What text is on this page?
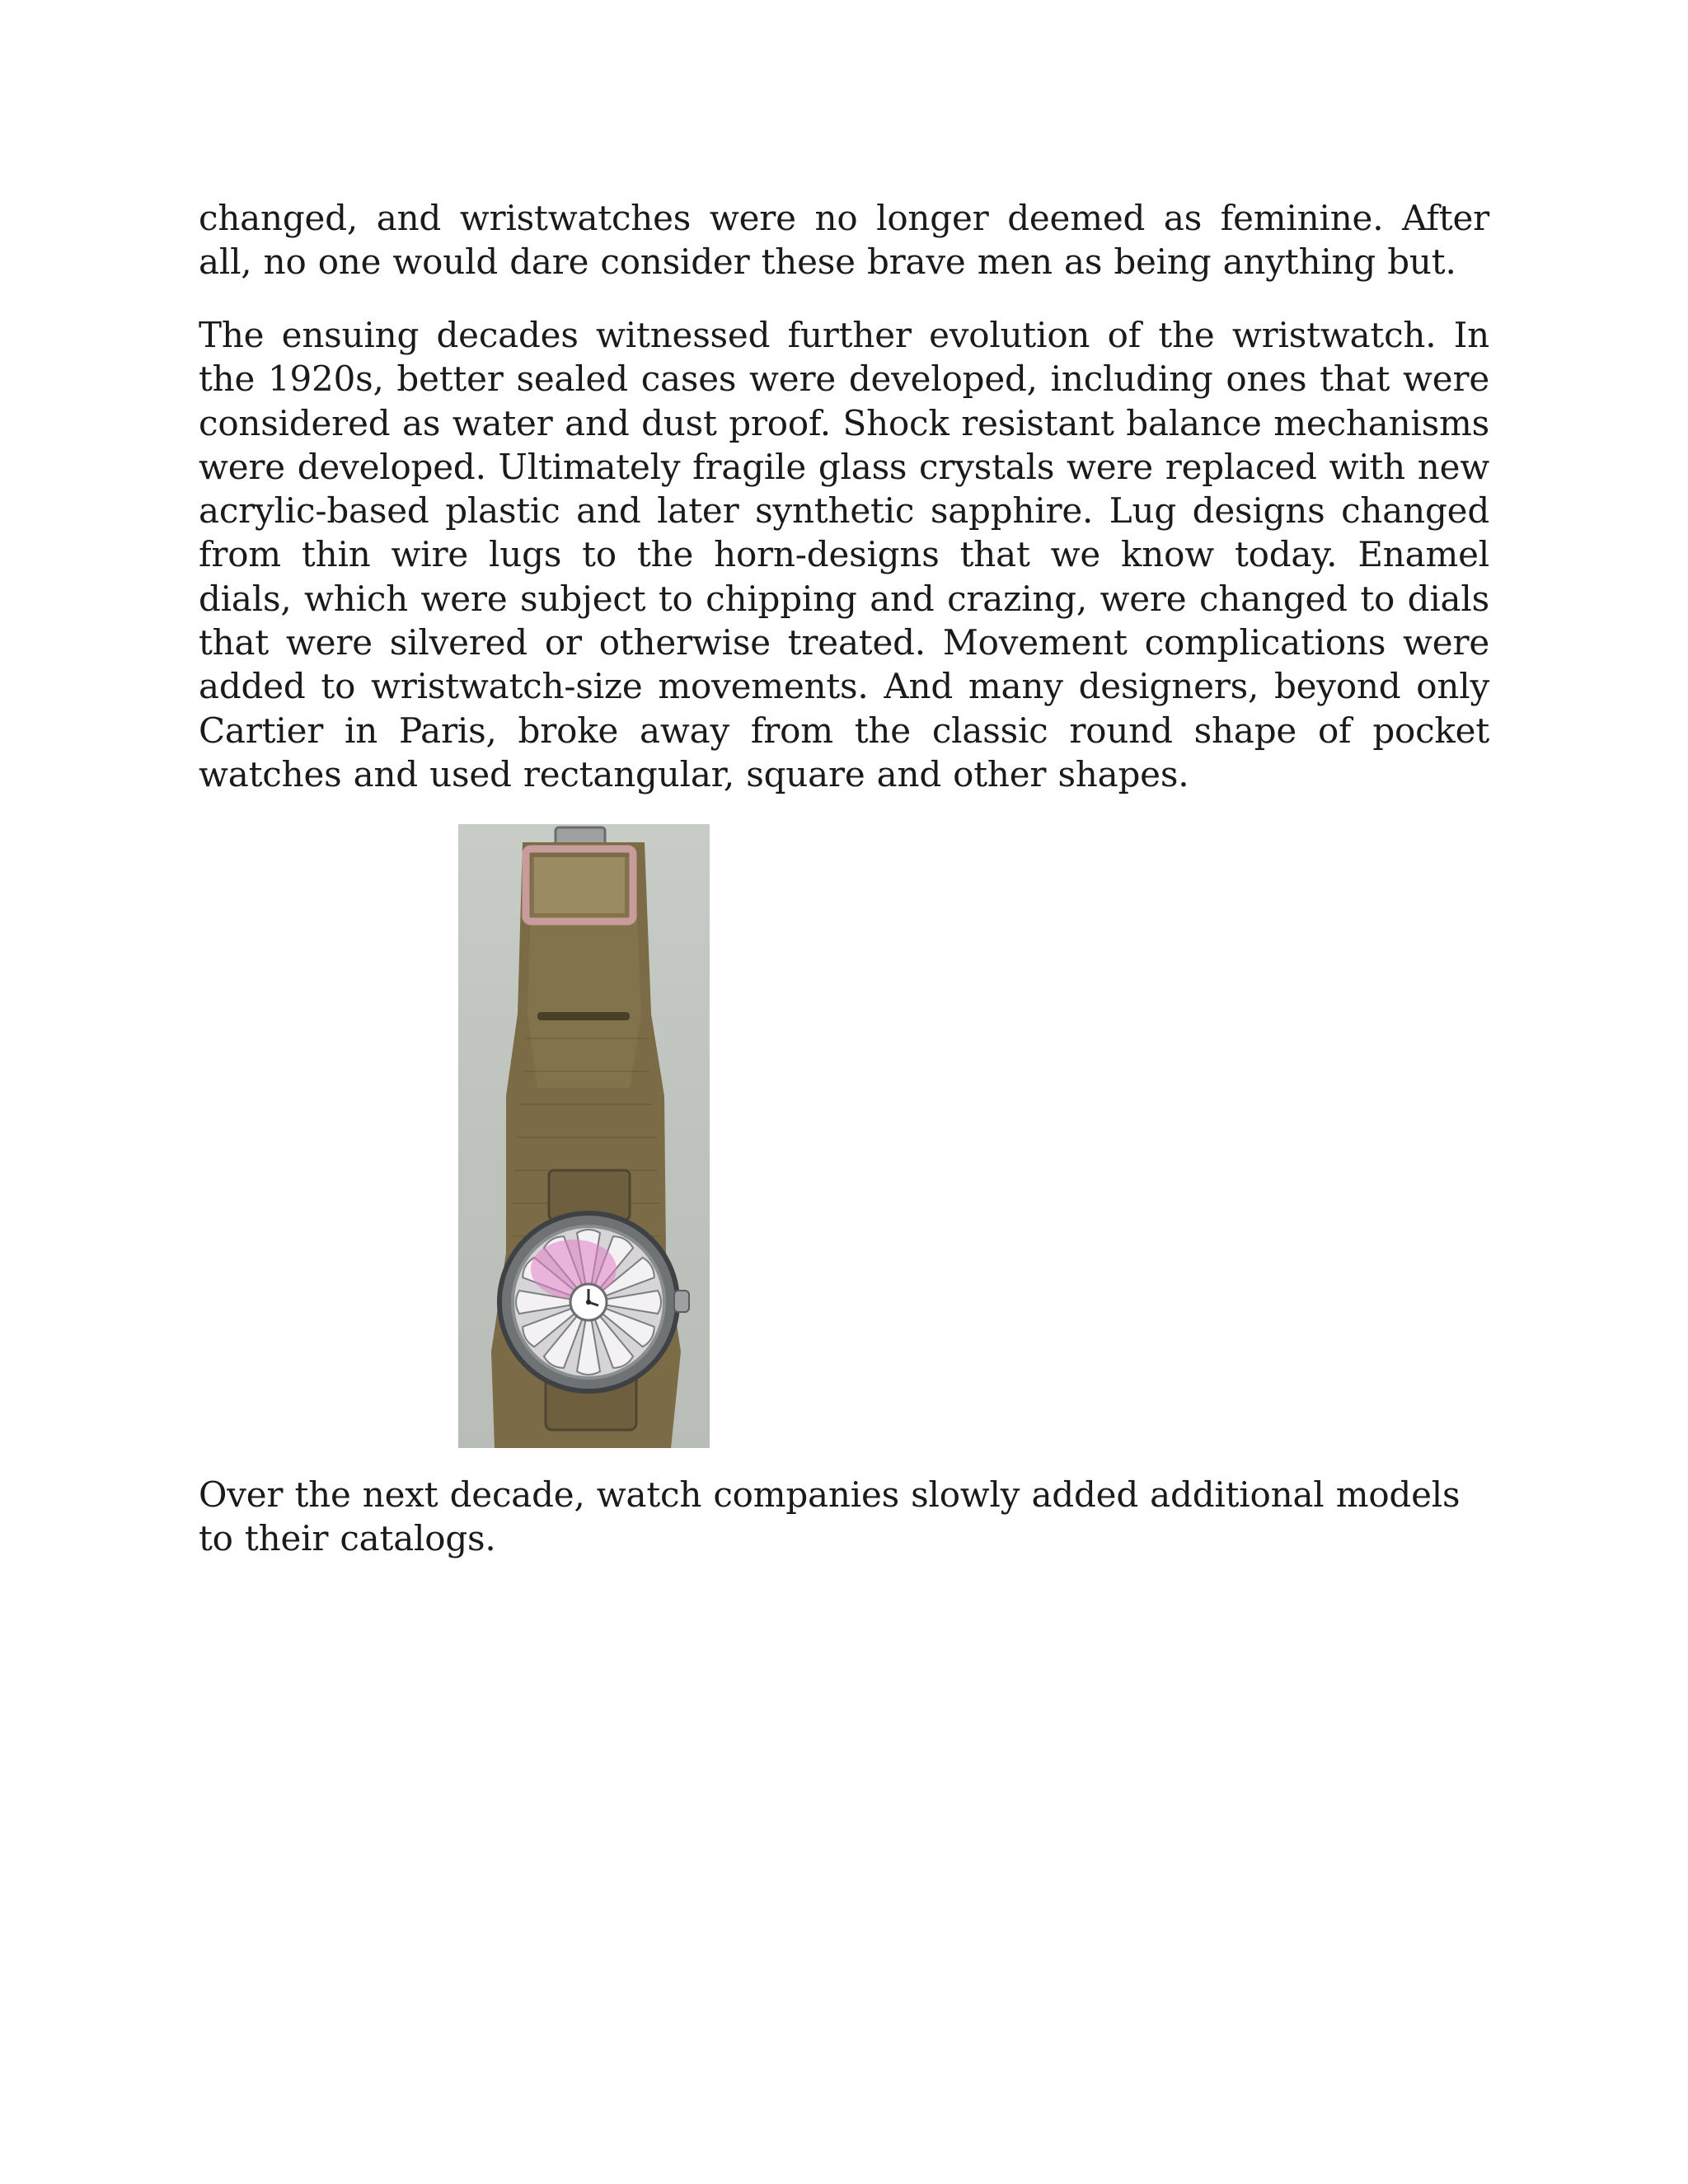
changed, and wristwatches were no longer deemed as feminine. After all, no one would dare consider these brave men as being anything but.

The ensuing decades witnessed further evolution of the wristwatch. In the 1920s, better sealed cases were developed, including ones that were considered as water and dust proof. Shock resistant balance mechanisms were developed. Ultimately fragile glass crystals were replaced with new acrylic-based plastic and later synthetic sapphire. Lug designs changed from thin wire lugs to the horn-designs that we know today. Enamel dials, which were subject to chipping and crazing, were changed to dials that were silvered or otherwise treated. Movement complications were added to wristwatch-size movements. And many designers, beyond only Cartier in Paris, broke away from the classic round shape of pocket watches and used rectangular, square and other shapes.

Over the next decade, watch companies slowly added additional models to their catalogs.
